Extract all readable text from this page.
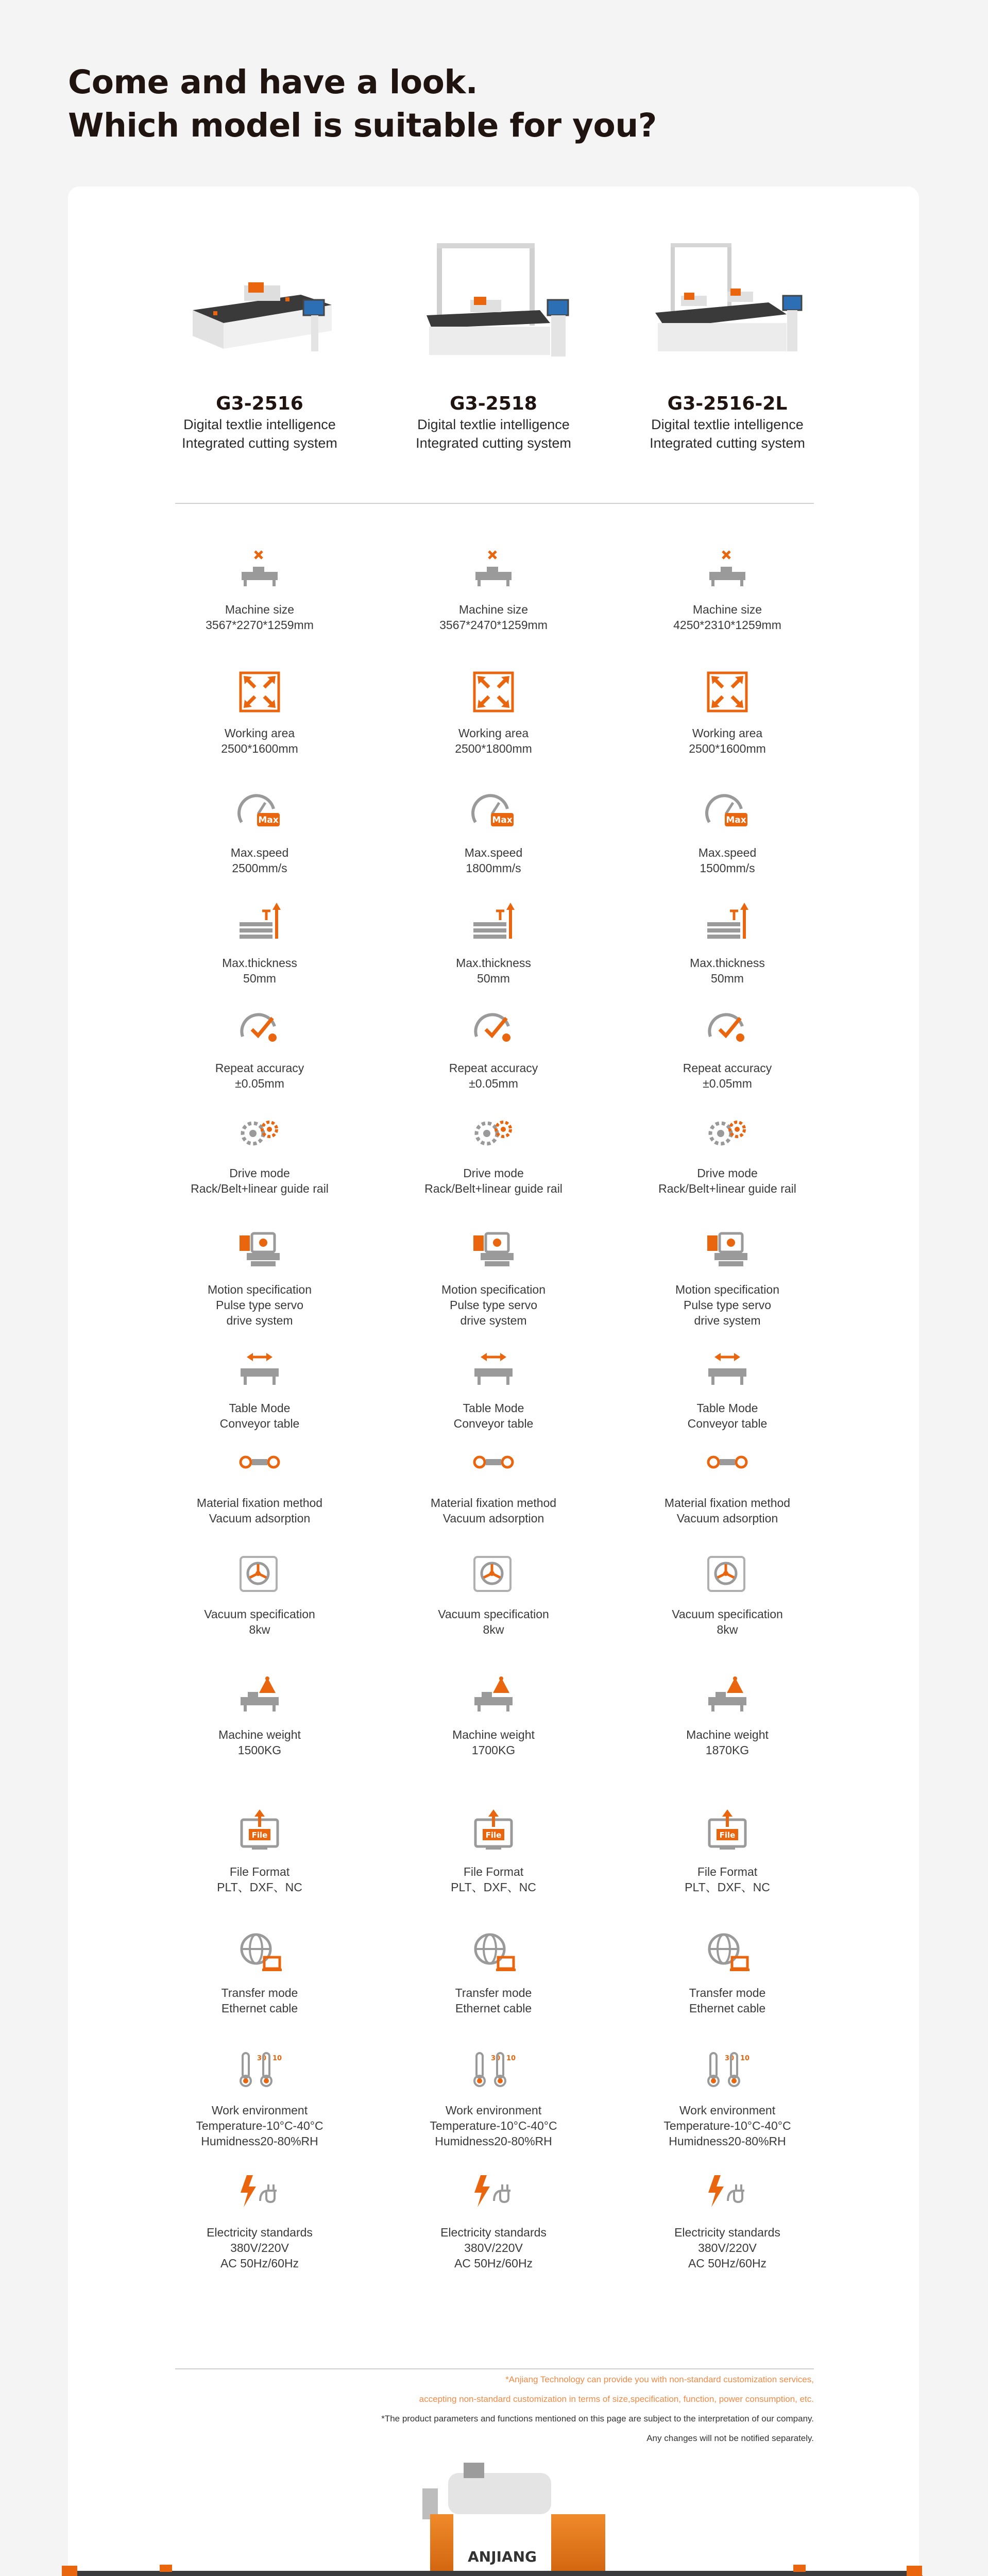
Come and have a look.
Which model is suitable for you?
G3-2516
Digital textlie intelligence
Integrated cutting system
G3-2518
Digital textlie intelligence
Integrated cutting system
G3-2516-2L
Digital textlie intelligence
Integrated cutting system
Machine size
3567*2270*1259mm
Machine size
3567*2470*1259mm
Machine size
4250*2310*1259mm
Working area
2500*1600mm
Working area
2500*1800mm
Working area
2500*1600mm
Max
Max.speed
2500mm/s
Max
Max.speed
1800mm/s
Max
Max.speed
1500mm/s
Max.thickness
50mm
Max.thickness
50mm
Max.thickness
50mm
Repeat accuracy
±0.05mm
Repeat accuracy
±0.05mm
Repeat accuracy
±0.05mm
Drive mode
Rack/Belt+linear guide rail
Drive mode
Rack/Belt+linear guide rail
Drive mode
Rack/Belt+linear guide rail
Motion specification
Pulse type servo
drive system
Motion specification
Pulse type servo
drive system
Motion specification
Pulse type servo
drive system
Table Mode
Conveyor table
Table Mode
Conveyor table
Table Mode
Conveyor table
Material fixation method
Vacuum adsorption
Material fixation method
Vacuum adsorption
Material fixation method
Vacuum adsorption
Vacuum specification
8kw
Vacuum specification
8kw
Vacuum specification
8kw
Machine weight
1500KG
Machine weight
1700KG
Machine weight
1870KG
File
File Format
PLT、DXF、NC
File
File Format
PLT、DXF、NC
File
File Format
PLT、DXF、NC
Transfer mode
Ethernet cable
Transfer mode
Ethernet cable
Transfer mode
Ethernet cable
30 10
Work environment
Temperature-10°C-40°C
Humidness20-80%RH
30 10
Work environment
Temperature-10°C-40°C
Humidness20-80%RH
30 10
Work environment
Temperature-10°C-40°C
Humidness20-80%RH
Electricity standards
380V/220V
AC 50Hz/60Hz
Electricity standards
380V/220V
AC 50Hz/60Hz
Electricity standards
380V/220V
AC 50Hz/60Hz
*Anjiang Technology can provide you with non-standard customization services,
accepting non-standard customization in terms of size,specification, function, power consumption, etc.
*The product parameters and functions mentioned on this page are subject to the interpretation of our company.
Any changes will not be notified separately.
ANJIANG
